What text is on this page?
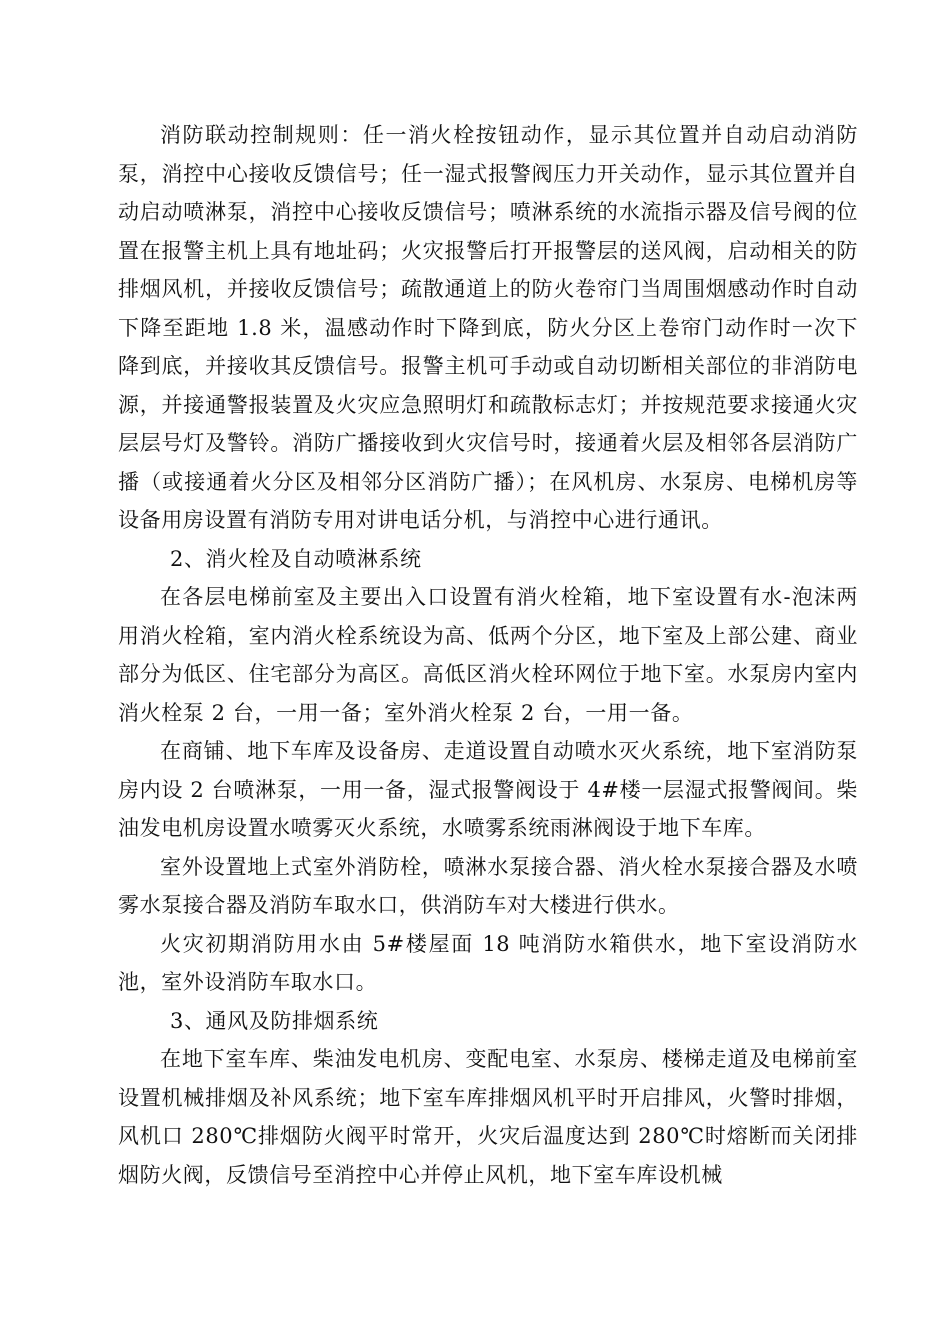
消防联动控制规则：任一消火栓按钮动作，显示其位置并自动启动消防泵，消控中心接收反馈信号；任一湿式报警阀压力开关动作，显示其位置并自动启动喷淋泵，消控中心接收反馈信号；喷淋系统的水流指示器及信号阀的位置在报警主机上具有地址码；火灾报警后打开报警层的送风阀，启动相关的防排烟风机，并接收反馈信号；疏散通道上的防火卷帘门当周围烟感动作时自动下降至距地 1.8 米，温感动作时下降到底，防火分区上卷帘门动作时一次下降到底，并接收其反馈信号。报警主机可手动或自动切断相关部位的非消防电源，并接通警报装置及火灾应急照明灯和疏散标志灯；并按规范要求接通火灾层层号灯及警铃。消防广播接收到火灾信号时，接通着火层及相邻各层消防广播（或接通着火分区及相邻分区消防广播）；在风机房、水泵房、电梯机房等设备用房设置有消防专用对讲电话分机，与消控中心进行通讯。

2、消火栓及自动喷淋系统

在各层电梯前室及主要出入口设置有消火栓箱，地下室设置有水-泡沫两用消火栓箱，室内消火栓系统设为高、低两个分区，地下室及上部公建、商业部分为低区、住宅部分为高区。高低区消火栓环网位于地下室。水泵房内室内消火栓泵 2 台，一用一备；室外消火栓泵 2 台，一用一备。

在商铺、地下车库及设备房、走道设置自动喷水灭火系统，地下室消防泵房内设 2 台喷淋泵，一用一备，湿式报警阀设于 4#楼一层湿式报警阀间。柴油发电机房设置水喷雾灭火系统，水喷雾系统雨淋阀设于地下车库。

室外设置地上式室外消防栓，喷淋水泵接合器、消火栓水泵接合器及水喷雾水泵接合器及消防车取水口，供消防车对大楼进行供水。

火灾初期消防用水由 5#楼屋面 18 吨消防水箱供水，地下室设消防水池，室外设消防车取水口。

3、通风及防排烟系统

在地下室车库、柴油发电机房、变配电室、水泵房、楼梯走道及电梯前室设置机械排烟及补风系统；地下室车库排烟风机平时开启排风，火警时排烟，风机口 280℃排烟防火阀平时常开，火灾后温度达到 280℃时熔断而关闭排烟防火阀，反馈信号至消控中心并停止风机，地下室车库设机械
